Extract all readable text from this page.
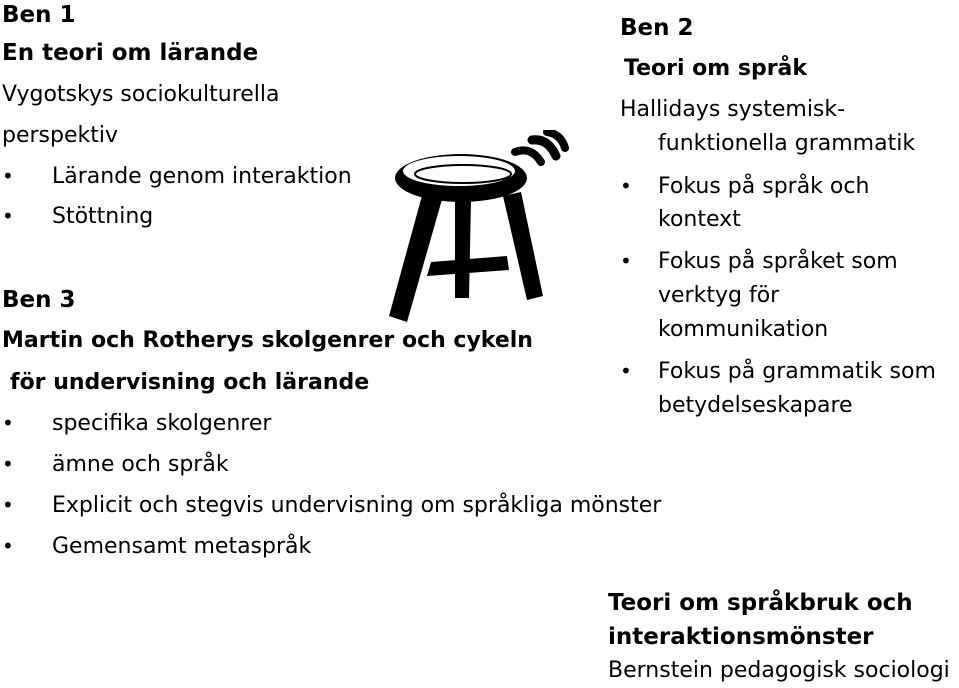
Ben 1
En teori om lärande
Vygotskys sociokulturella
perspektiv
• Lärande genom interaktion
• Stöttning
Ben 3
Martin och Rotherys skolgenrer och cykeln
för undervisning och lärande
• specifika skolgenrer
• ämne och språk
• Explicit och stegvis undervisning om språkliga mönster
• Gemensamt metaspråk
Ben 2
Teori om språk
Hallidays systemisk-
funktionella grammatik
• Fokus på språk och
kontext
• Fokus på språket som
verktyg för
kommunikation
• Fokus på grammatik som
betydelseskapare
Teori om språkbruk och
interaktionsmönster
Bernstein pedagogisk sociologi
